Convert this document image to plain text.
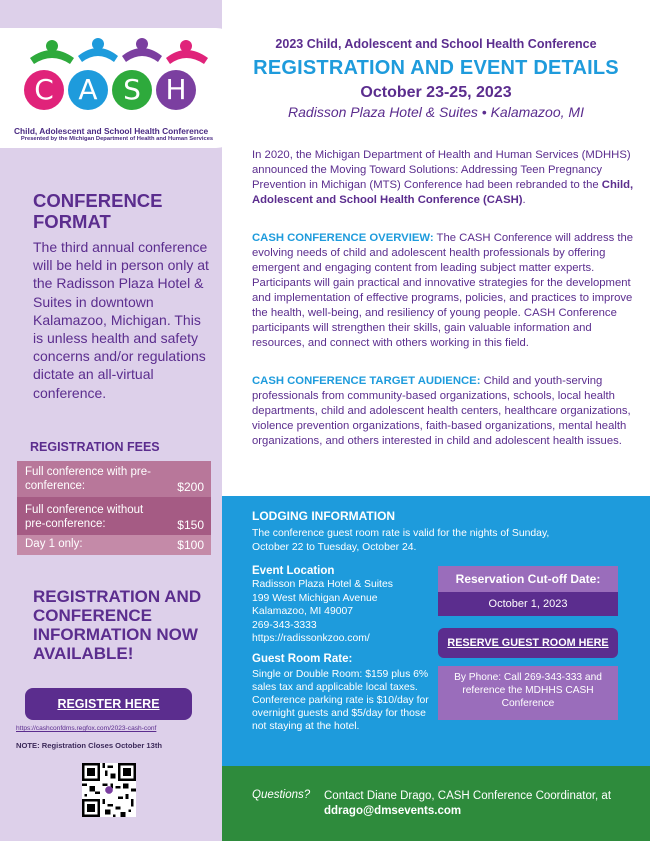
C A S H
Child, Adolescent and School Health Conference
Presented by the Michigan Department of Health and Human Services
CONFERENCE FORMAT
The third annual conference will be held in person only at the Radisson Plaza Hotel & Suites in downtown Kalamazoo, Michigan. This is unless health and safety concerns and/or regulations dictate an all-virtual conference.
REGISTRATION FEES
Full conference with pre-conference:	$200
Full conference without pre-conference:	$150
Day 1 only:	$100
REGISTRATION AND CONFERENCE INFORMATION NOW AVAILABLE!
REGISTER HERE
https://cashconfdms.regfox.com/2023-cash-conf
NOTE: Registration Closes October 13th
2023 Child, Adolescent and School Health Conference
REGISTRATION AND EVENT DETAILS
October 23-25, 2023
Radisson Plaza Hotel & Suites • Kalamazoo, MI
In 2020, the Michigan Department of Health and Human Services (MDHHS) announced the Moving Toward Solutions: Addressing Teen Pregnancy Prevention in Michigan (MTS) Conference had been rebranded to the Child, Adolescent and School Health Conference (CASH).
CASH CONFERENCE OVERVIEW: The CASH Conference will address the evolving needs of child and adolescent health professionals by offering emergent and engaging content from leading subject matter experts. Participants will gain practical and innovative strategies for the development and implementation of effective programs, policies, and practices to improve the health, well-being, and resiliency of young people. CASH Conference participants will strengthen their skills, gain valuable information and resources, and connect with others working in this field.
CASH CONFERENCE TARGET AUDIENCE: Child and youth-serving professionals from community-based organizations, schools, local health departments, child and adolescent health centers, healthcare organizations, violence prevention organizations, faith-based organizations, mental health organizations, and others interested in child and adolescent health issues.
LODGING INFORMATION
The conference guest room rate is valid for the nights of Sunday, October 22 to Tuesday, October 24.
Event Location
Radisson Plaza Hotel & Suites
199 West Michigan Avenue
Kalamazoo, MI 49007
269-343-3333
https://radissonkzoo.com/
Guest Room Rate:
Single or Double Room: $159 plus 6% sales tax and applicable local taxes. Conference parking rate is $10/day for overnight guests and $5/day for those not staying at the hotel.
Reservation Cut-off Date:
October 1, 2023
RESERVE GUEST ROOM HERE
By Phone: Call 269-343-333 and reference the MDHHS CASH Conference
Questions? Contact Diane Drago, CASH Conference Coordinator, at ddrago@dmsevents.com
